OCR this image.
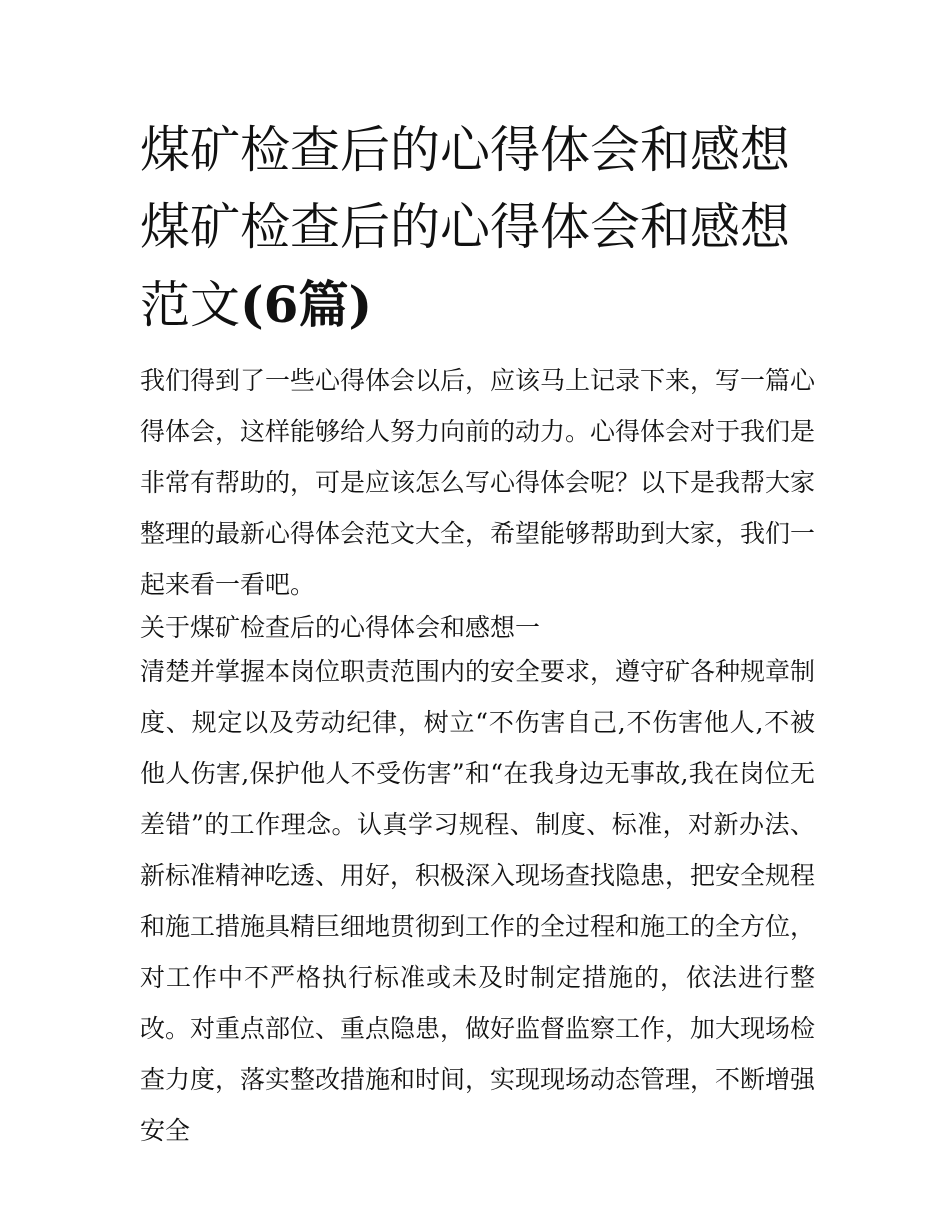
煤矿检查后的心得体会和感想
煤矿检查后的心得体会和感想
范文(6篇)

我们得到了一些心得体会以后，应该马上记录下来，写一篇心得体会，这样能够给人努力向前的动力。心得体会对于我们是非常有帮助的，可是应该怎么写心得体会呢？以下是我帮大家整理的最新心得体会范文大全，希望能够帮助到大家，我们一起来看一看吧。

关于煤矿检查后的心得体会和感想一

清楚并掌握本岗位职责范围内的安全要求，遵守矿各种规章制度、规定以及劳动纪律，树立“不伤害自己,不伤害他人,不被他人伤害,保护他人不受伤害”和“在我身边无事故,我在岗位无差错”的工作理念。认真学习规程、制度、标准，对新办法、新标准精神吃透、用好，积极深入现场查找隐患，把安全规程和施工措施具精巨细地贯彻到工作的全过程和施工的全方位，对工作中不严格执行标准或未及时制定措施的，依法进行整改。对重点部位、重点隐患，做好监督监察工作，加大现场检查力度，落实整改措施和时间，实现现场动态管理，不断增强安全
